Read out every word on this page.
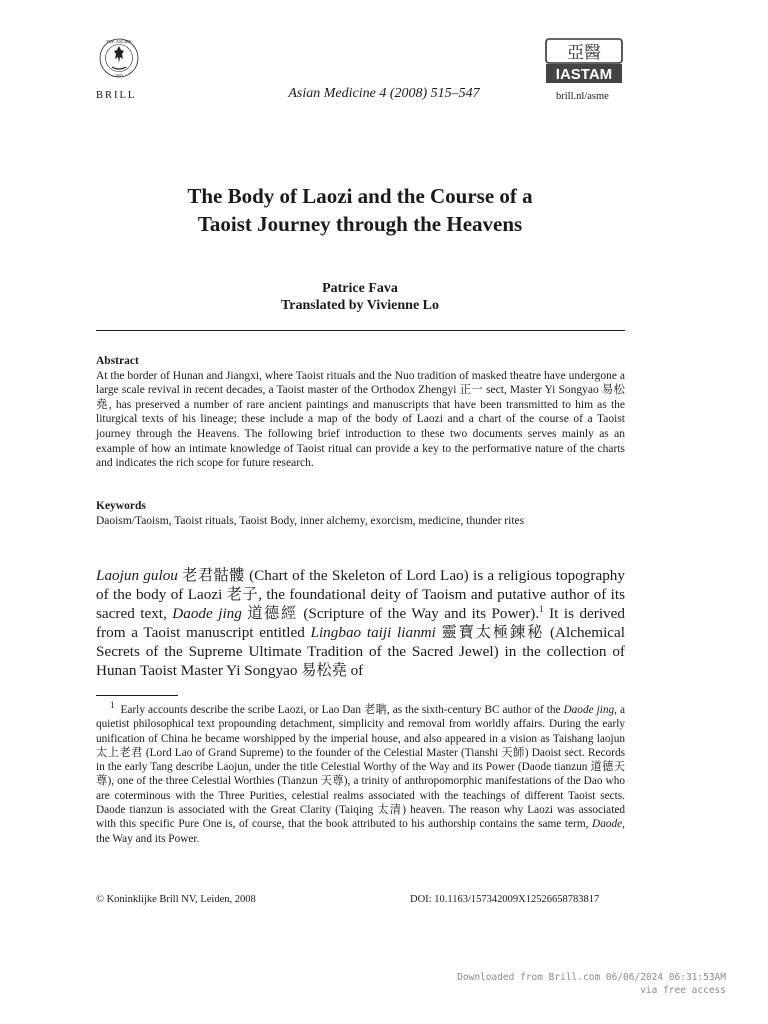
TUE ASCIRE
1683
BRILL	Asian Medicine 4 (2008) 515–547
亞醫
IASTAM
brill.nl/asme
The Body of Laozi and the Course of a
Taoist Journey through the Heavens
Patrice Fava
Translated by Vivienne Lo
Abstract
At the border of Hunan and Jiangxi, where Taoist rituals and the Nuo tradition of masked theatre have undergone a large scale revival in recent decades, a Taoist master of the Orthodox Zhengyi 正一 sect, Master Yi Songyao 易松堯, has preserved a number of rare ancient paintings and manuscripts that have been transmitted to him as the liturgical texts of his lineage; these include a map of the body of Laozi and a chart of the course of a Taoist journey through the Heavens. The following brief introduction to these two documents serves mainly as an example of how an intimate knowledge of Taoist ritual can provide a key to the performative nature of the charts and indicates the rich scope for future research.
Keywords
Daoism/Taoism, Taoist rituals, Taoist Body, inner alchemy, exorcism, medicine, thunder rites
Laojun gulou 老君骷髏 (Chart of the Skeleton of Lord Lao) is a religious topography of the body of Laozi 老子, the foundational deity of Taoism and putative author of its sacred text, Daode jing 道德經 (Scripture of the Way and its Power).$^1$ It is derived from a Taoist manuscript entitled Lingbao taiji lianmi 靈寶太極鍊秘 (Alchemical Secrets of the Supreme Ultimate Tradition of the Sacred Jewel) in the collection of Hunan Taoist Master Yi Songyao 易松堯 of
$^1$ Early accounts describe the scribe Laozi, or Lao Dan 老聃, as the sixth-century BC author of the Daode jing, a quietist philosophical text propounding detachment, simplicity and removal from worldly affairs. During the early unification of China he became worshipped by the imperial house, and also appeared in a vision as Taishang laojun 太上老君 (Lord Lao of Grand Supreme) to the founder of the Celestial Master (Tianshi 天師) Daoist sect. Records in the early Tang describe Laojun, under the title Celestial Worthy of the Way and its Power (Daode tianzun 道德天尊), one of the three Celestial Worthies (Tianzun 天尊), a trinity of anthropomorphic manifestations of the Dao who are coterminous with the Three Purities, celestial realms associated with the teachings of different Taoist sects. Daode tianzun is associated with the Great Clarity (Taiqing 太清) heaven. The reason why Laozi was associated with this specific Pure One is, of course, that the book attributed to his authorship contains the same term, Daode, the Way and its Power.
© Koninklijke Brill NV, Leiden, 2008	DOI: 10.1163/157342009X12526658783817
Downloaded from Brill.com 06/06/2024 06:31:53AM
via free access
